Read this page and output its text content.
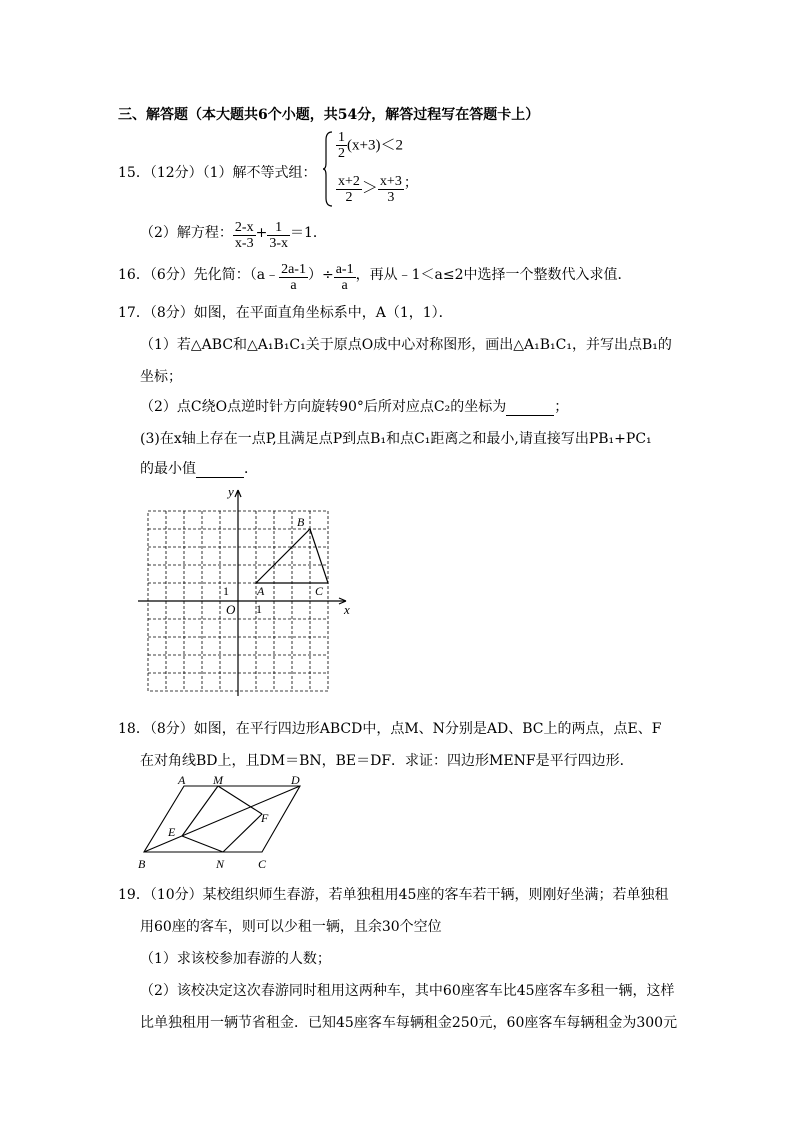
三、解答题（本大题共6个小题，共54分，解答过程写在答题卡上）
15．（12分）（1）解不等式组：
$\frac{1}{2} (x+3)<2$
$\frac{x+2}{2} > \frac{x+3}{3}$ ；
（2）解方程： $\frac{2-x}{x-3} + \frac{1}{3-x} =1$．
16．（6分）先化简：（a﹣ $\frac{2a-1}{a}$ ）÷ $\frac{a-1}{a}$ ，再从﹣1＜a≤2中选择一个整数代入求值．
17．（8分）如图，在平面直角坐标系中，A（1，1）．
（1）若△ABC和△A₁B₁C₁关于原点O成中心对称图形，画出△A₁B₁C₁，并写出点B₁的
坐标；
（2）点C绕O点逆时针方向旋转90°后所对应点C₂的坐标为	；
(3)在x轴上存在一点P,且满足点P到点B₁和点C₁距离之和最小,请直接写出PB₁+PC₁
的最小值	．
y
x
O
A
B
C
1
1
18．（8分）如图，在平行四边形ABCD中，点M、N分别是AD、BC上的两点，点E、F
在对角线BD上，且DM＝BN，BE＝DF．求证：四边形MENF是平行四边形．
A M	D
E
F
B	N	C
19．（10分）某校组织师生春游，若单独租用45座的客车若干辆，则刚好坐满；若单独租
用60座的客车，则可以少租一辆，且余30个空位
（1）求该校参加春游的人数；
（2）该校决定这次春游同时租用这两种车，其中60座客车比45座客车多租一辆，这样
比单独租用一辆节省租金．已知45座客车每辆租金250元，60座客车每辆租金为300元
